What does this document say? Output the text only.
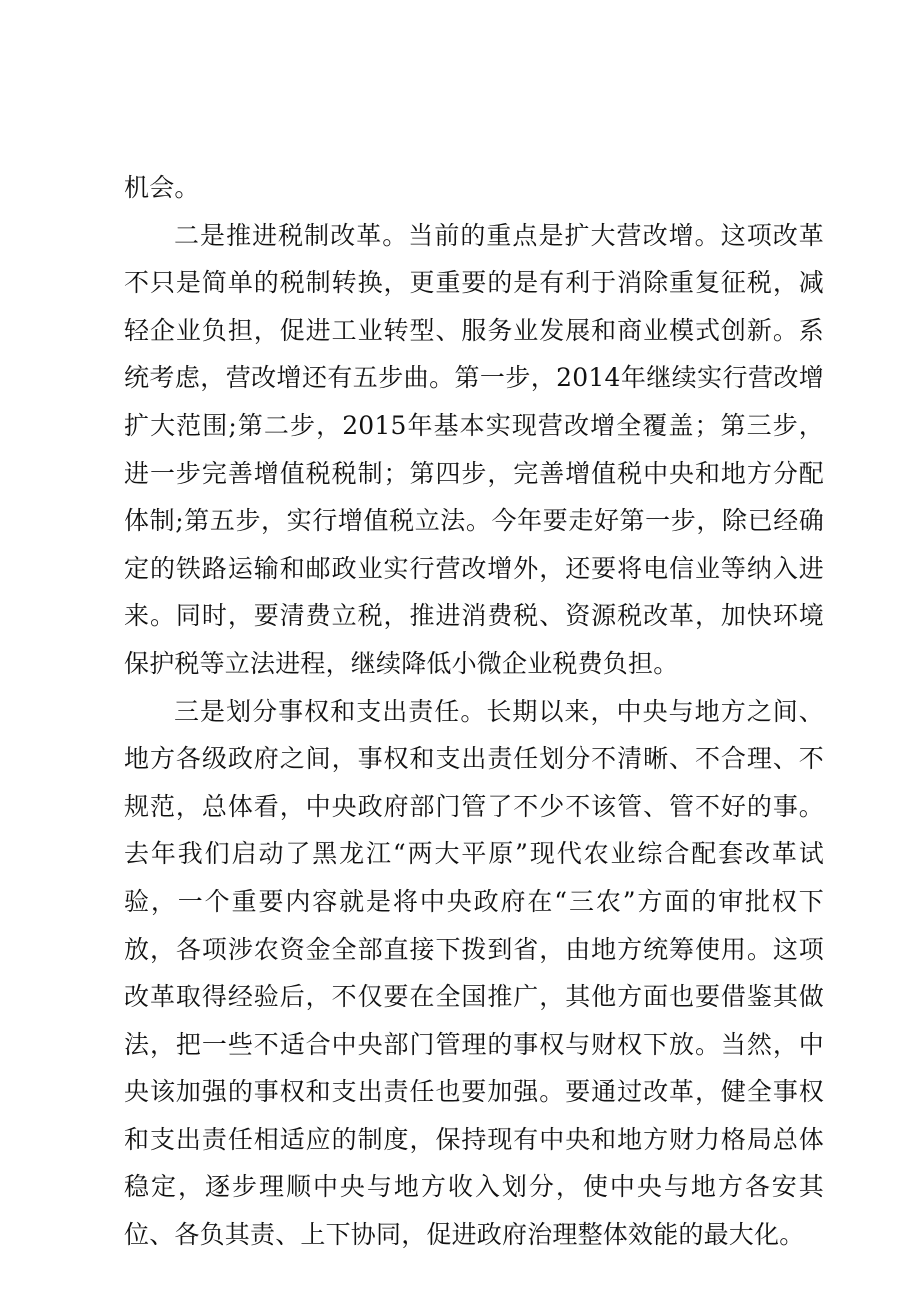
机会。

二是推进税制改革。当前的重点是扩大营改增。这项改革不只是简单的税制转换，更重要的是有利于消除重复征税，减轻企业负担，促进工业转型、服务业发展和商业模式创新。系统考虑，营改增还有五步曲。第一步，2014年继续实行营改增扩大范围;第二步，2015年基本实现营改增全覆盖；第三步，进一步完善增值税税制；第四步，完善增值税中央和地方分配体制;第五步，实行增值税立法。今年要走好第一步，除已经确定的铁路运输和邮政业实行营改增外，还要将电信业等纳入进来。同时，要清费立税，推进消费税、资源税改革，加快环境保护税等立法进程，继续降低小微企业税费负担。

三是划分事权和支出责任。长期以来，中央与地方之间、地方各级政府之间，事权和支出责任划分不清晰、不合理、不规范，总体看，中央政府部门管了不少不该管、管不好的事。去年我们启动了黑龙江“两大平原”现代农业综合配套改革试验，一个重要内容就是将中央政府在“三农”方面的审批权下放，各项涉农资金全部直接下拨到省，由地方统筹使用。这项改革取得经验后，不仅要在全国推广，其他方面也要借鉴其做法，把一些不适合中央部门管理的事权与财权下放。当然，中央该加强的事权和支出责任也要加强。要通过改革，健全事权和支出责任相适应的制度，保持现有中央和地方财力格局总体稳定，逐步理顺中央与地方收入划分，使中央与地方各安其位、各负其责、上下协同，促进政府治理整体效能的最大化。
